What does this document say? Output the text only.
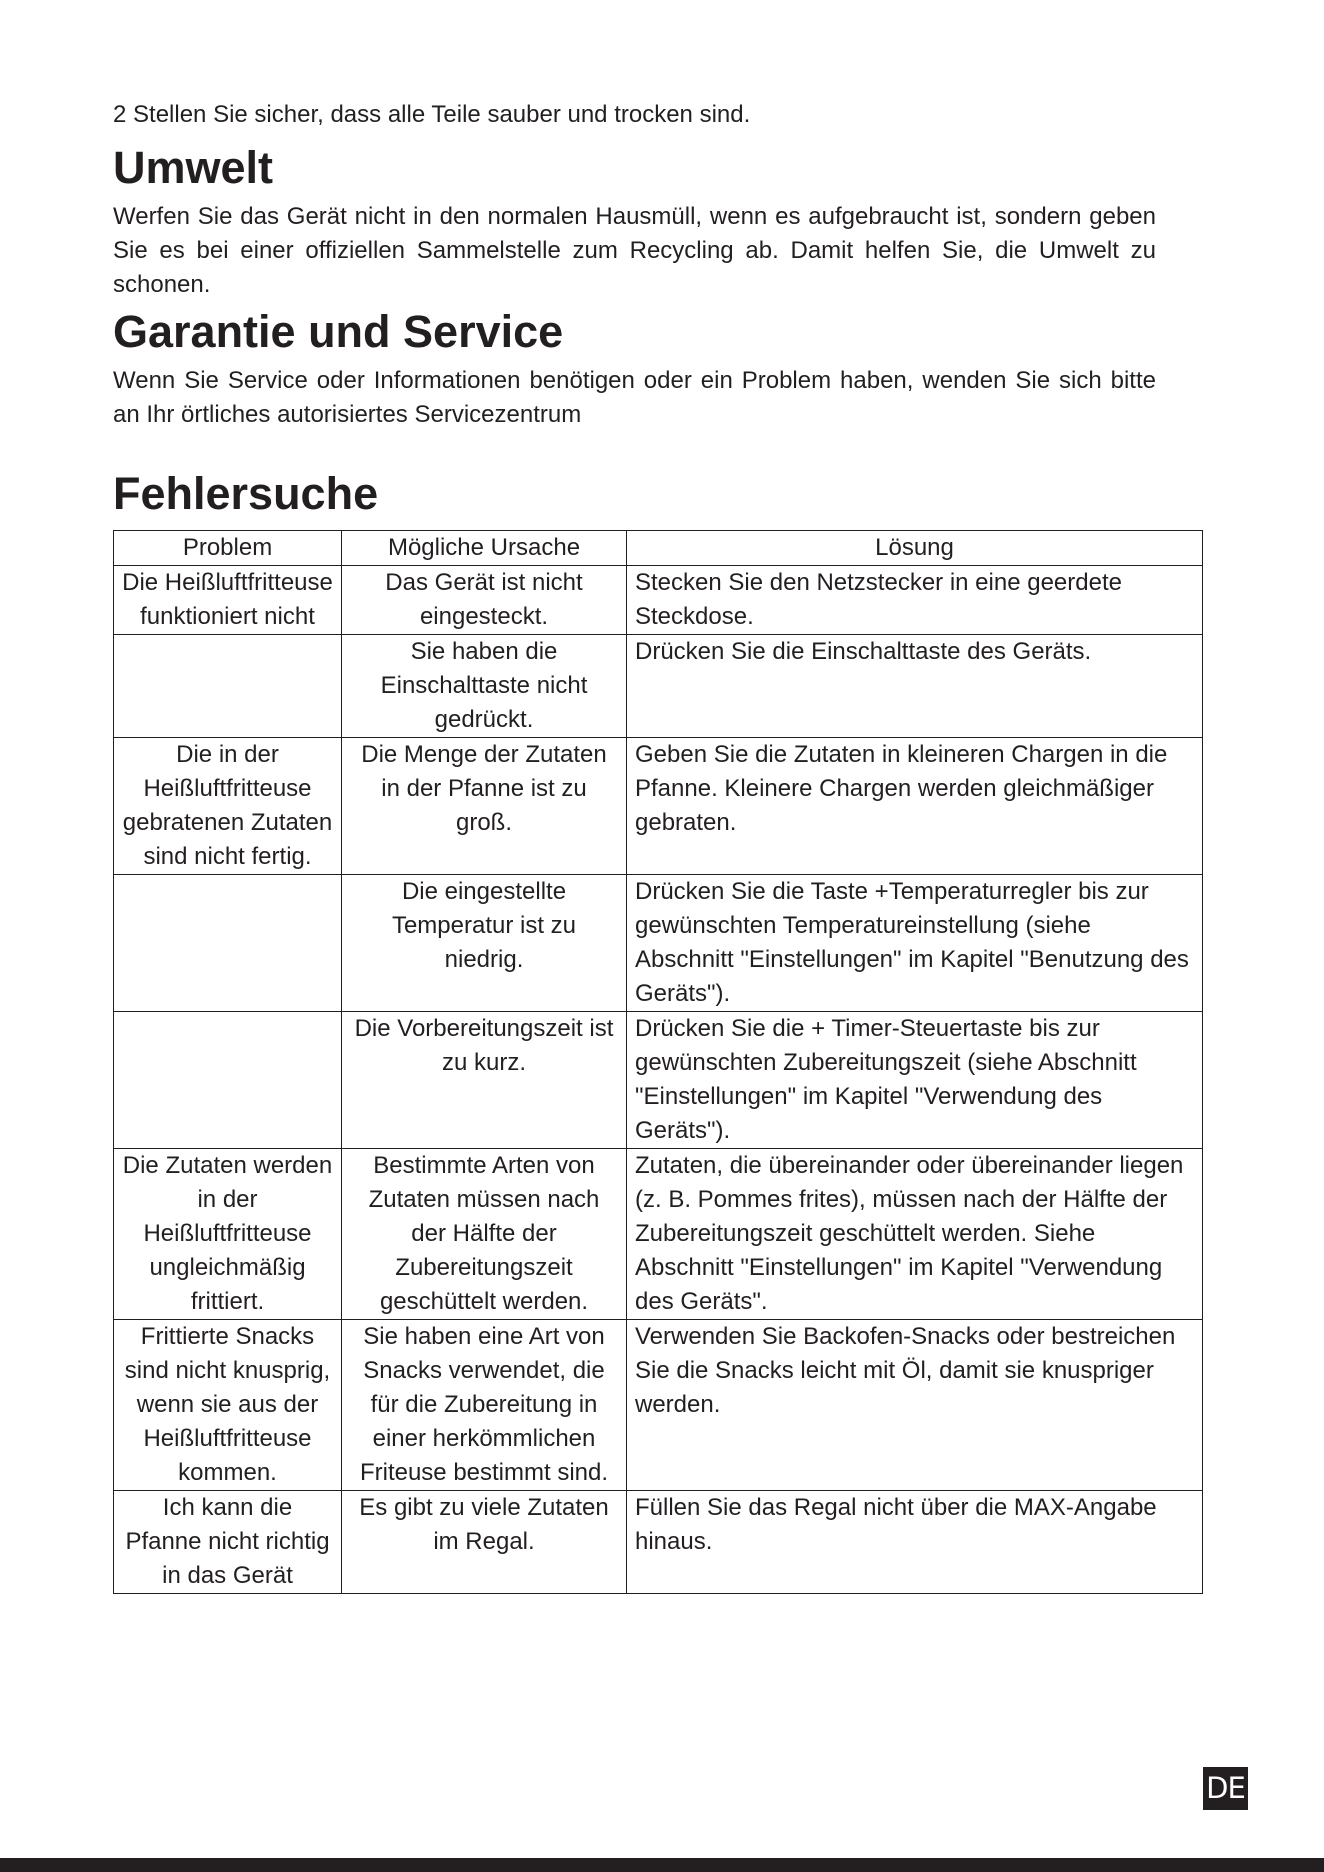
2 Stellen Sie sicher, dass alle Teile sauber und trocken sind.

Umwelt

Werfen Sie das Gerät nicht in den normalen Hausmüll, wenn es aufgebraucht ist, sondern geben Sie es bei einer offiziellen Sammelstelle zum Recycling ab. Damit helfen Sie, die Umwelt zu schonen.

Garantie und Service

Wenn Sie Service oder Informationen benötigen oder ein Problem haben, wenden Sie sich bitte an Ihr örtliches autorisiertes Servicezentrum

Fehlersuche
Problem	Mögliche Ursache	Lösung
Die Heißluftfritteuse funktioniert nicht	Das Gerät ist nicht eingesteckt.	Stecken Sie den Netzstecker in eine geerdete Steckdose.
	Sie haben die Einschalttaste nicht gedrückt.	Drücken Sie die Einschalttaste des Geräts.
Die in der Heißluftfritteuse gebratenen Zutaten sind nicht fertig.	Die Menge der Zutaten in der Pfanne ist zu groß.	Geben Sie die Zutaten in kleineren Chargen in die Pfanne. Kleinere Chargen werden gleichmäßiger gebraten.
	Die eingestellte Temperatur ist zu niedrig.	Drücken Sie die Taste +Temperaturregler bis zur gewünschten Temperatureinstellung (siehe Abschnitt "Einstellungen" im Kapitel "Benutzung des Geräts").
	Die Vorbereitungszeit ist zu kurz.	Drücken Sie die + Timer-Steuertaste bis zur gewünschten Zubereitungszeit (siehe Abschnitt "Einstellungen" im Kapitel "Verwendung des Geräts").
Die Zutaten werden in der Heißluftfritteuse ungleichmäßig frittiert.	Bestimmte Arten von Zutaten müssen nach der Hälfte der Zubereitungszeit geschüttelt werden.	Zutaten, die übereinander oder übereinander liegen (z. B. Pommes frites), müssen nach der Hälfte der Zubereitungszeit geschüttelt werden. Siehe Abschnitt "Einstellungen" im Kapitel "Verwendung des Geräts".
Frittierte Snacks sind nicht knusprig, wenn sie aus der Heißluftfritteuse kommen.	Sie haben eine Art von Snacks verwendet, die für die Zubereitung in einer herkömmlichen Friteuse bestimmt sind.	Verwenden Sie Backofen-Snacks oder bestreichen Sie die Snacks leicht mit Öl, damit sie knuspriger werden.
Ich kann die Pfanne nicht richtig in das Gerät	Es gibt zu viele Zutaten im Regal.	Füllen Sie das Regal nicht über die MAX-Angabe hinaus.
DE
